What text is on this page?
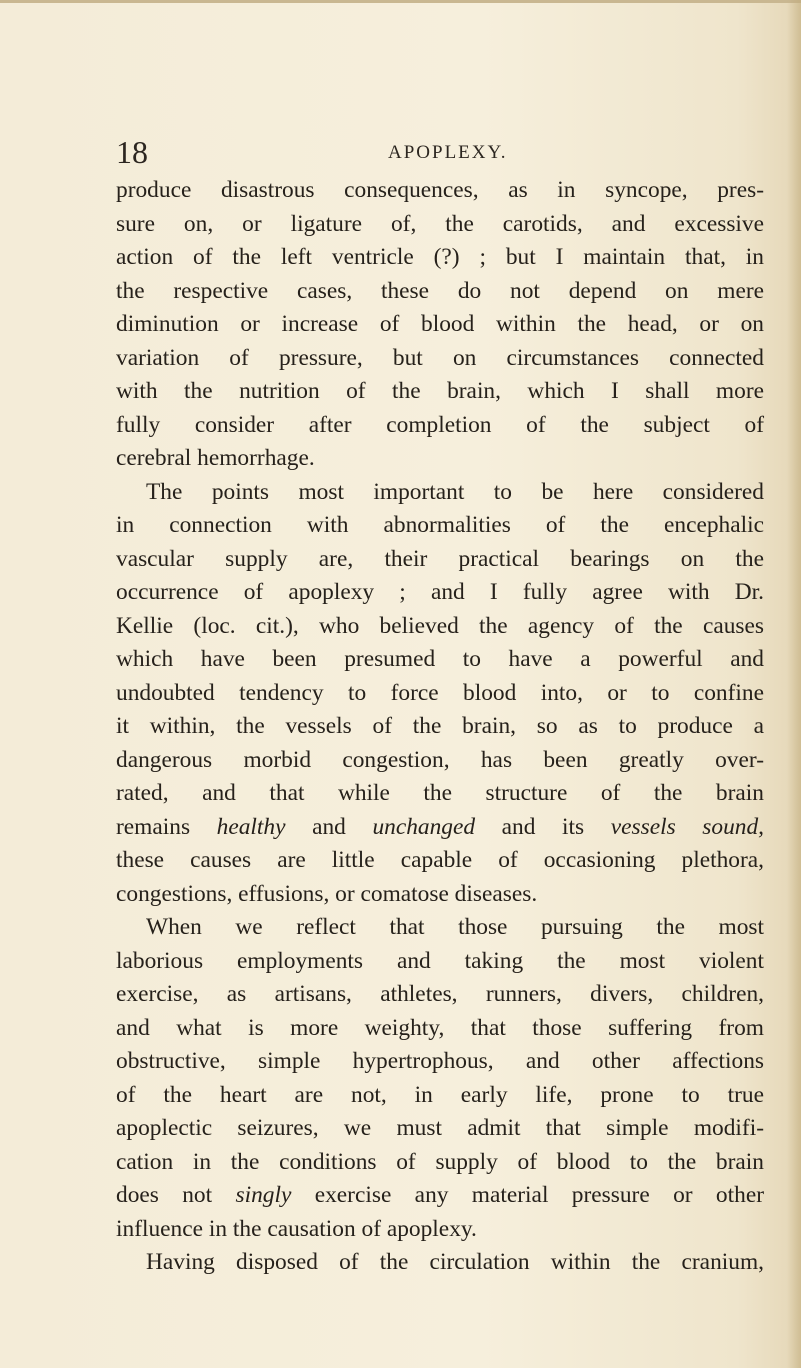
18	APOPLEXY.
produce disastrous consequences, as in syncope, pres-
sure on, or ligature of, the carotids, and excessive
action of the left ventricle (?) ; but I maintain that, in
the respective cases, these do not depend on mere
diminution or increase of blood within the head, or on
variation of pressure, but on circumstances connected
with the nutrition of the brain, which I shall more
fully consider after completion of the subject of
cerebral hemorrhage.
The points most important to be here considered
in connection with abnormalities of the encephalic
vascular supply are, their practical bearings on the
occurrence of apoplexy ; and I fully agree with Dr.
Kellie (loc. cit.), who believed the agency of the causes
which have been presumed to have a powerful and
undoubted tendency to force blood into, or to confine
it within, the vessels of the brain, so as to produce a
dangerous morbid congestion, has been greatly over-
rated, and that while the structure of the brain
remains healthy and unchanged and its vessels sound,
these causes are little capable of occasioning plethora,
congestions, effusions, or comatose diseases.
When we reflect that those pursuing the most
laborious employments and taking the most violent
exercise, as artisans, athletes, runners, divers, children,
and what is more weighty, that those suffering from
obstructive, simple hypertrophous, and other affections
of the heart are not, in early life, prone to true
apoplectic seizures, we must admit that simple modifi-
cation in the conditions of supply of blood to the brain
does not singly exercise any material pressure or other
influence in the causation of apoplexy.
Having disposed of the circulation within the cranium,
